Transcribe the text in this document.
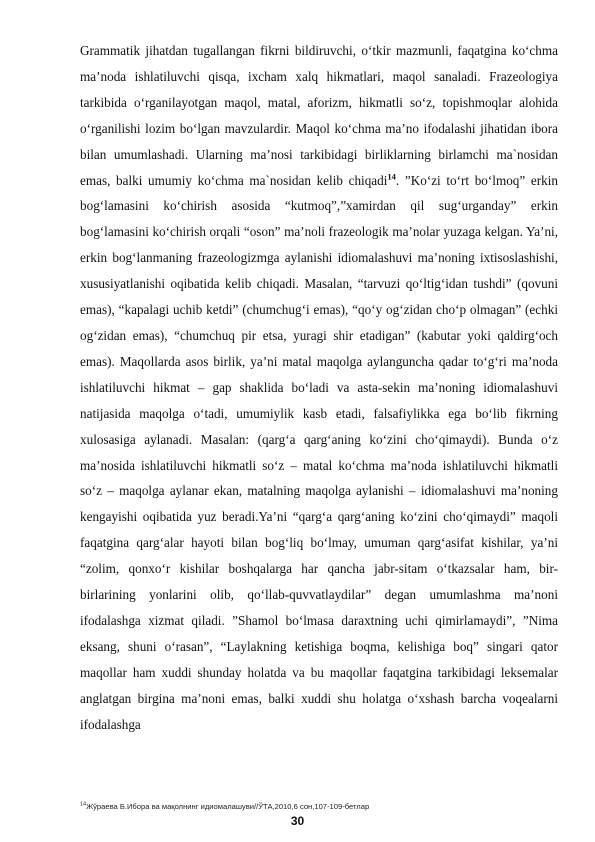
Grammatik jihatdan tugallangan fikrni bildiruvchi, o‘tkir mazmunli, faqatgina ko‘chma ma’noda ishlatiluvchi qisqa, ixcham xalq hikmatlari, maqol sanaladi. Frazeologiya tarkibida o‘rganilayotgan maqol, matal, aforizm, hikmatli so‘z, topishmoqlar alohida o‘rganilishi lozim bo‘lgan mavzulardir. Maqol ko‘chma ma’no ifodalashi jihatidan ibora bilan umumlashadi. Ularning ma’nosi tarkibidagi birliklarning birlamchi ma`nosidan emas, balki umumiy ko‘chma ma`nosidan kelib chiqadi$^{14}$. ”Ko‘zi to‘rt bo‘lmoq” erkin bog‘lamasini ko‘chirish asosida “kutmoq”,”xamirdan qil sug‘urganday” erkin bog‘lamasini ko‘chirish orqali “oson” ma’noli frazeologik ma’nolar yuzaga kelgan. Ya’ni, erkin bog‘lanmaning frazeologizmga aylanishi idiomalashuvi ma’noning ixtisoslashishi, xususiyatlanishi oqibatida kelib chiqadi. Masalan, “tarvuzi qo‘ltig‘idan tushdi” (qovuni emas), “kapalagi uchib ketdi” (chumchug‘i emas), “qo‘y og‘zidan cho‘p olmagan” (echki og‘zidan emas), “chumchuq pir etsa, yuragi shir etadigan” (kabutar yoki qaldirg‘och emas). Maqollarda asos birlik, ya’ni matal maqolga aylanguncha qadar to‘g‘ri ma’noda ishlatiluvchi hikmat – gap shaklida bo‘ladi va asta-sekin ma’noning idiomalashuvi natijasida maqolga o‘tadi, umumiylik kasb etadi, falsafiylikka ega bo‘lib fikrning xulosasiga aylanadi. Masalan: (qarg‘a qarg‘aning ko‘zini cho‘qimaydi). Bunda o‘z ma’nosida ishlatiluvchi hikmatli so‘z – matal ko‘chma ma’noda ishlatiluvchi hikmatli so‘z – maqolga aylanar ekan, matalning maqolga aylanishi – idiomalashuvi ma’noning kengayishi oqibatida yuz beradi.Ya’ni “qarg‘a qarg‘aning ko‘zini cho‘qimaydi” maqoli faqatgina qarg‘alar hayoti bilan bog‘liq bo‘lmay, umuman qarg‘asifat kishilar, ya’ni “zolim, qonxo‘r kishilar boshqalarga har qancha jabr-sitam o‘tkazsalar ham, bir-birlarining yonlarini olib, qo‘llab-quvvatlaydilar” degan umumlashma ma’noni ifodalashga xizmat qiladi. ”Shamol bo‘lmasa daraxtning uchi qimirlamaydi”, ”Nima eksang, shuni o‘rasan”, “Laylakning ketishiga boqma, kelishiga boq” singari qator maqollar ham xuddi shunday holatda va bu maqollar faqatgina tarkibidagi leksemalar anglatgan birgina ma’noni emas, balki xuddi shu holatga o‘xshash barcha voqealarni ifodalashga

$^{14}$Жўраева Б.Ибора ва мақолнинг идиомалашуви//ЎТА,2010,6 сон,107-109-бетлар
30
